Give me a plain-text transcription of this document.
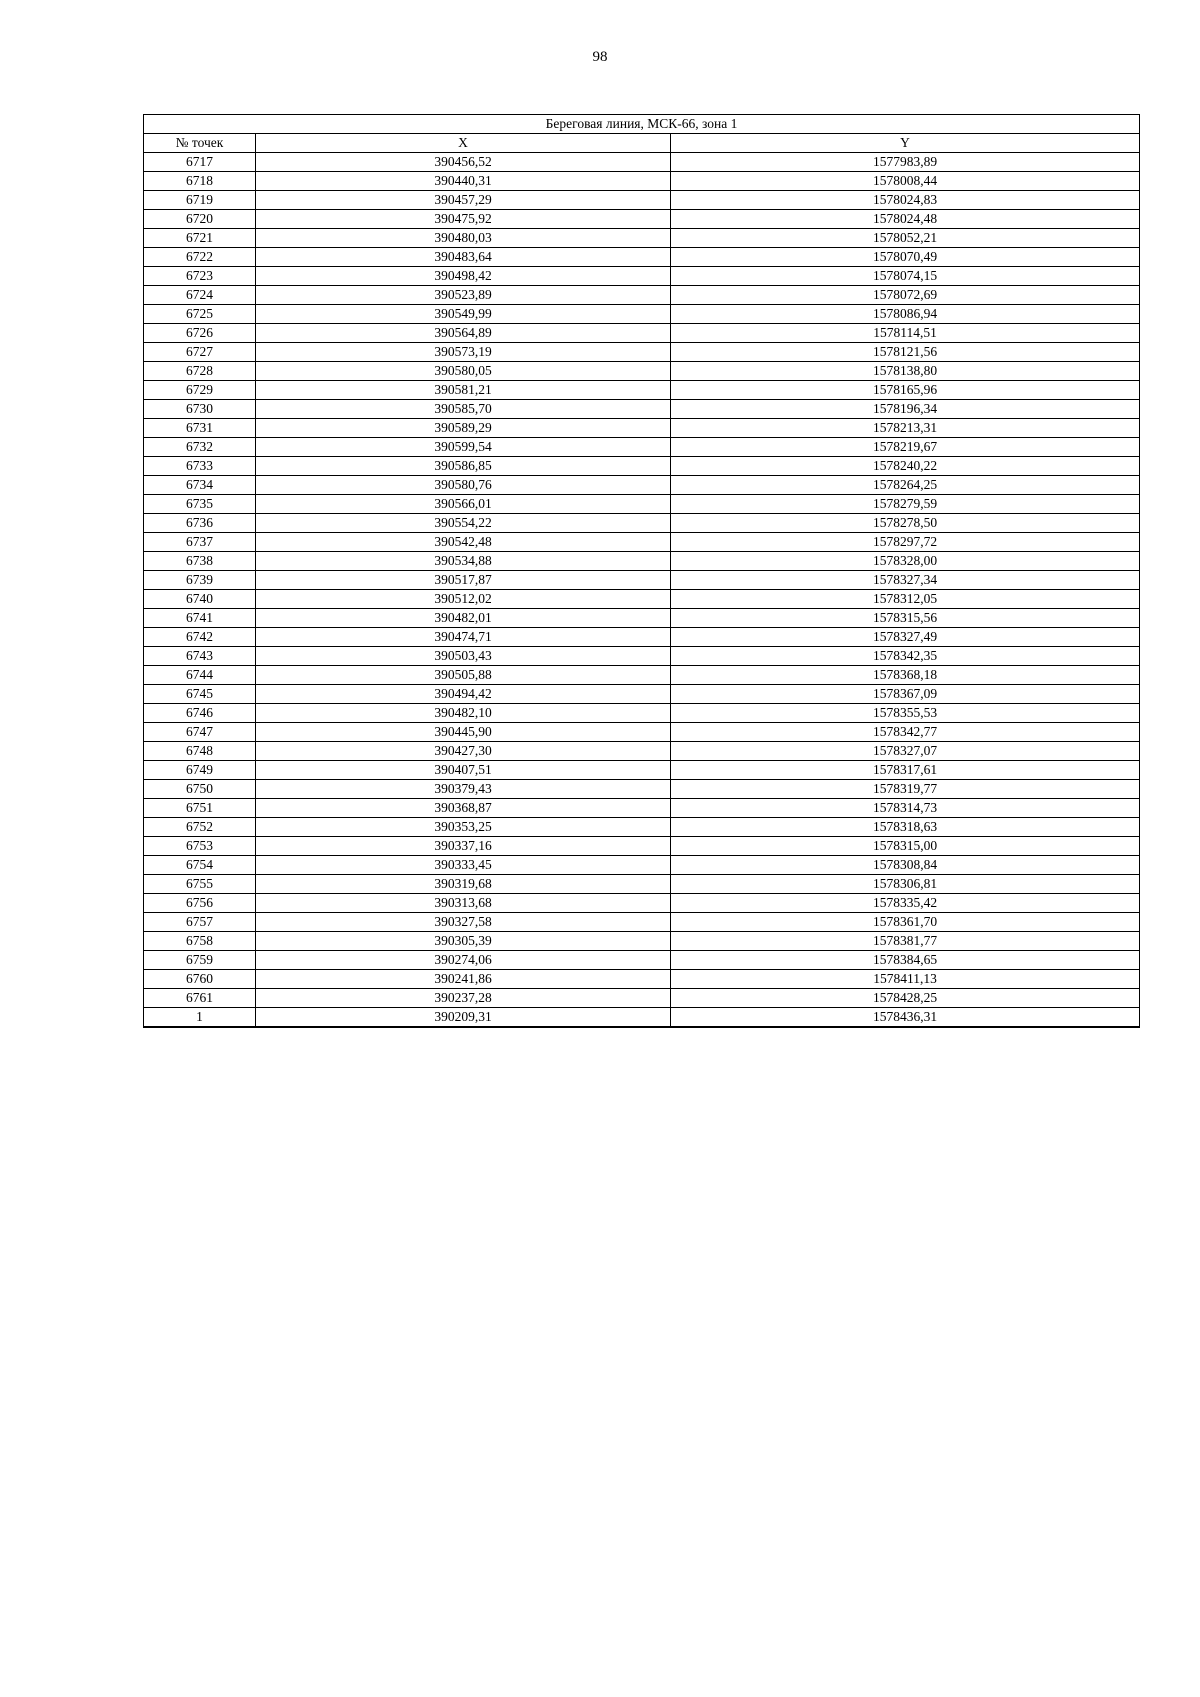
98
Береговая линия, МСК-66, зона 1		
№ точек	X	Y
6717	390456,52	1577983,89
6718	390440,31	1578008,44
6719	390457,29	1578024,83
6720	390475,92	1578024,48
6721	390480,03	1578052,21
6722	390483,64	1578070,49
6723	390498,42	1578074,15
6724	390523,89	1578072,69
6725	390549,99	1578086,94
6726	390564,89	1578114,51
6727	390573,19	1578121,56
6728	390580,05	1578138,80
6729	390581,21	1578165,96
6730	390585,70	1578196,34
6731	390589,29	1578213,31
6732	390599,54	1578219,67
6733	390586,85	1578240,22
6734	390580,76	1578264,25
6735	390566,01	1578279,59
6736	390554,22	1578278,50
6737	390542,48	1578297,72
6738	390534,88	1578328,00
6739	390517,87	1578327,34
6740	390512,02	1578312,05
6741	390482,01	1578315,56
6742	390474,71	1578327,49
6743	390503,43	1578342,35
6744	390505,88	1578368,18
6745	390494,42	1578367,09
6746	390482,10	1578355,53
6747	390445,90	1578342,77
6748	390427,30	1578327,07
6749	390407,51	1578317,61
6750	390379,43	1578319,77
6751	390368,87	1578314,73
6752	390353,25	1578318,63
6753	390337,16	1578315,00
6754	390333,45	1578308,84
6755	390319,68	1578306,81
6756	390313,68	1578335,42
6757	390327,58	1578361,70
6758	390305,39	1578381,77
6759	390274,06	1578384,65
6760	390241,86	1578411,13
6761	390237,28	1578428,25
1	390209,31	1578436,31
